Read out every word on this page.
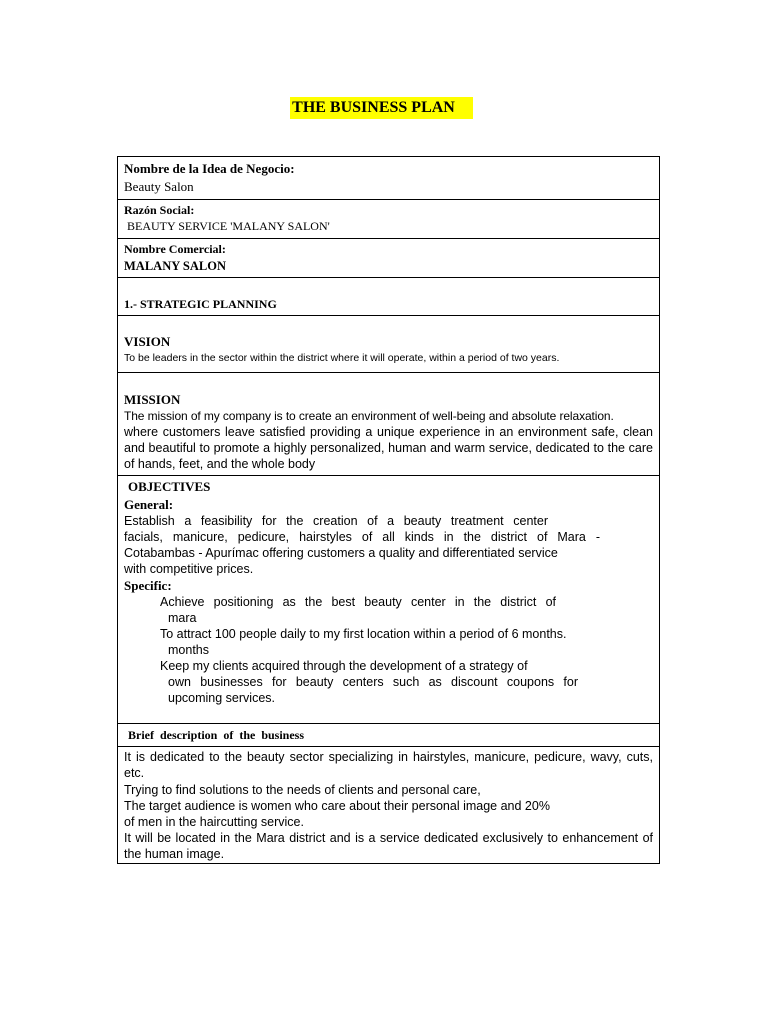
THE BUSINESS PLAN
Nombre de la Idea de Negocio:
Beauty Salon

Razón Social:
BEAUTY SERVICE 'MALANY SALON'

Nombre Comercial:
MALANY SALON

1.- STRATEGIC PLANNING

VISION
To be leaders in the sector within the district where it will operate, within a period of two years.

MISSION
The mission of my company is to create an environment of well-being and absolute relaxation.
where customers leave satisfied providing a unique experience in an environment safe, clean and beautiful to promote a highly personalized, human and warm service, dedicated to the care of hands, feet, and the whole body

OBJECTIVES
General:
Establish a feasibility for the creation of a beauty treatment center
facials, manicure, pedicure, hairstyles of all kinds in the district of Mara -
Cotabambas - Apurímac offering customers a quality and differentiated service
with competitive prices.
Specific:
Achieve positioning as the best beauty center in the district of
mara
To attract 100 people daily to my first location within a period of 6 months.
months
Keep my clients acquired through the development of a strategy of
own businesses for beauty centers such as discount coupons for
upcoming services.

Brief description of the business

It is dedicated to the beauty sector specializing in hairstyles, manicure, pedicure, wavy, cuts, etc.
Trying to find solutions to the needs of clients and personal care,
The target audience is women who care about their personal image and 20%
of men in the haircutting service.
It will be located in the Mara district and is a service dedicated exclusively to enhancement of the human image.
